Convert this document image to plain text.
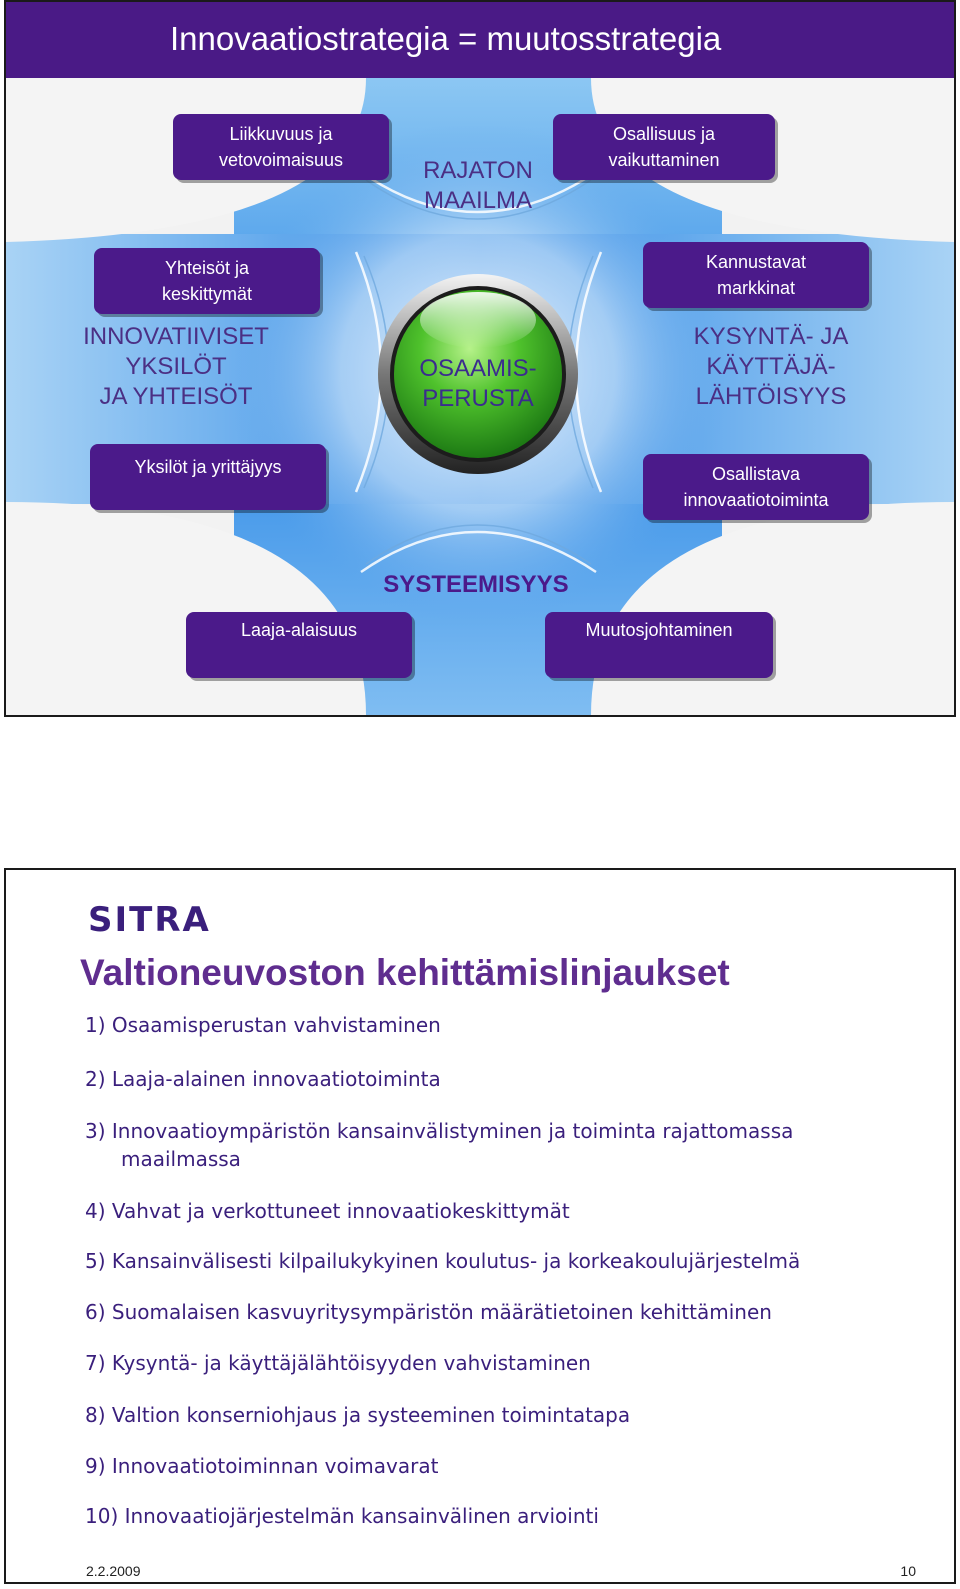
Innovaatiostrategia = muutosstrategia
Liikkuvuus ja
vetovoimaisuus
Osallisuus ja
vaikuttaminen
Yhteisöt ja
keskittymät
Kannustavat
markkinat
Yksilöt ja yrittäjyys	Osallistava
innovaatiotoiminta
Laaja-alaisuus	Muutosjohtaminen
RAJATON
MAAILMA
INNOVATIIVISET
YKSILÖT
JA YHTEISÖT
KYSYNTÄ- JA
KÄYTTÄJÄ-
LÄHTÖISYYS
OSAAMIS-
PERUSTA
SYSTEEMISYYS
SITRA
Valtioneuvoston kehittämislinjaukset
1) Osaamisperustan vahvistaminen
2) Laaja-alainen innovaatiotoiminta
3) Innovaatioympäristön kansainvälistyminen ja toiminta rajattomassa
maailmassa
4) Vahvat ja verkottuneet innovaatiokeskittymät
5) Kansainvälisesti kilpailukykyinen koulutus- ja korkeakoulujärjestelmä
6) Suomalaisen kasvuyritysympäristön määrätietoinen kehittäminen
7) Kysyntä- ja käyttäjälähtöisyyden vahvistaminen
8) Valtion konserniohjaus ja systeeminen toimintatapa
9) Innovaatiotoiminnan voimavarat
10) Innovaatiojärjestelmän kansainvälinen arviointi
2.2.2009	10
